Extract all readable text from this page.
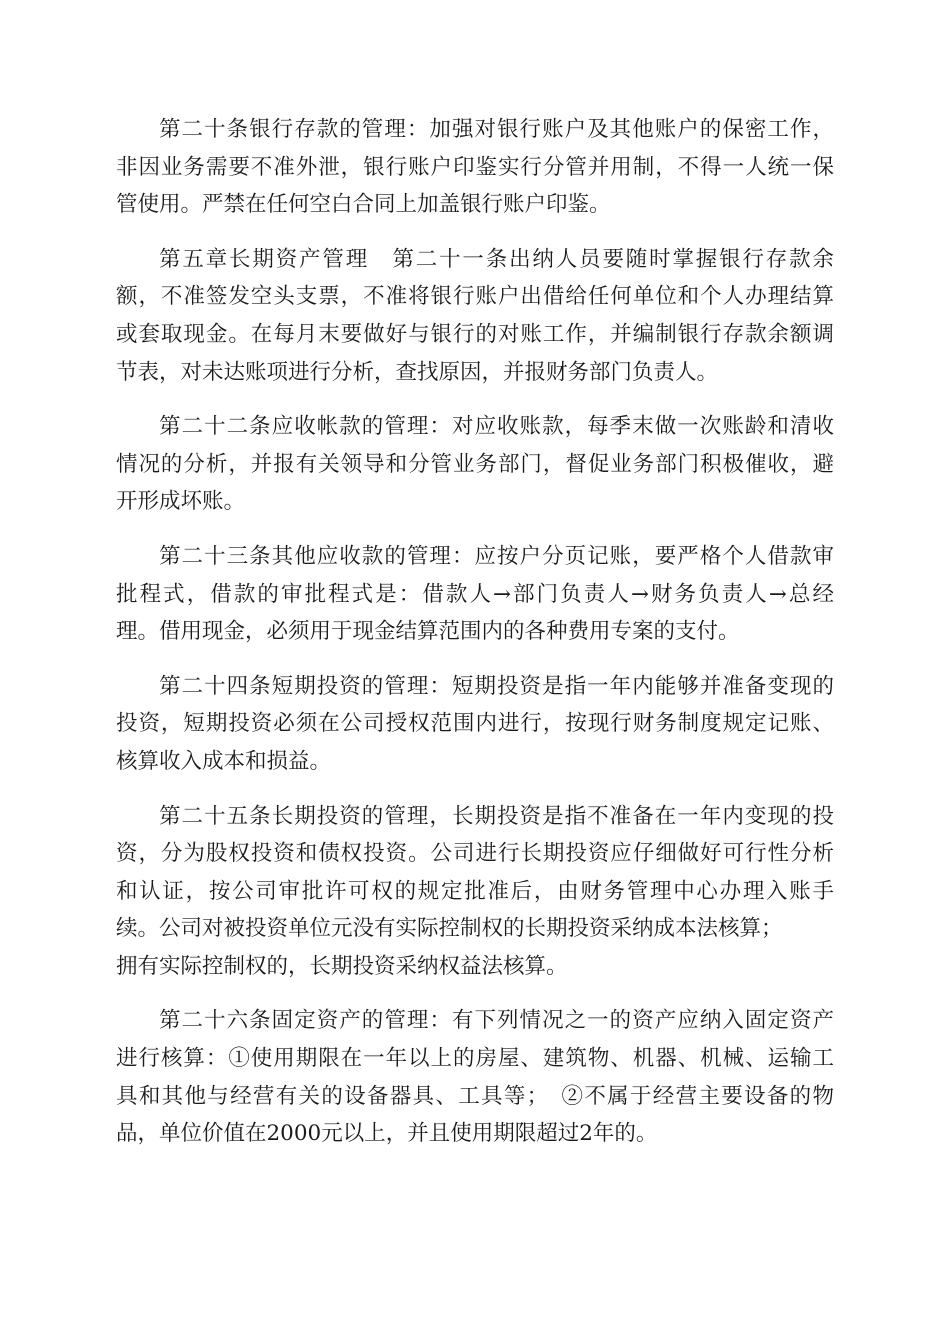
第二十条银行存款的管理：加强对银行账户及其他账户的保密工作，
非因业务需要不准外泄，银行账户印鉴实行分管并用制，不得一人统一保
管使用。严禁在任何空白合同上加盖银行账户印鉴。
第五章长期资产管理　第二十一条出纳人员要随时掌握银行存款余
额，不准签发空头支票，不准将银行账户出借给任何单位和个人办理结算
或套取现金。在每月末要做好与银行的对账工作，并编制银行存款余额调
节表，对未达账项进行分析，查找原因，并报财务部门负责人。
第二十二条应收帐款的管理：对应收账款，每季末做一次账龄和清收
情况的分析，并报有关领导和分管业务部门，督促业务部门积极催收，避
开形成坏账。
第二十三条其他应收款的管理：应按户分页记账，要严格个人借款审
批程式，借款的审批程式是：借款人→部门负责人→财务负责人→总经
理。借用现金，必须用于现金结算范围内的各种费用专案的支付。
第二十四条短期投资的管理：短期投资是指一年内能够并准备变现的
投资，短期投资必须在公司授权范围内进行，按现行财务制度规定记账、
核算收入成本和损益。
第二十五条长期投资的管理，长期投资是指不准备在一年内变现的投
资，分为股权投资和债权投资。公司进行长期投资应仔细做好可行性分析
和认证，按公司审批许可权的规定批准后，由财务管理中心办理入账手
续。公司对被投资单位元没有实际控制权的长期投资采纳成本法核算；
拥有实际控制权的，长期投资采纳权益法核算。
第二十六条固定资产的管理：有下列情况之一的资产应纳入固定资产
进行核算：①使用期限在一年以上的房屋、建筑物、机器、机械、运输工
具和其他与经营有关的设备器具、工具等；　②不属于经营主要设备的物
品，单位价值在2000元以上，并且使用期限超过2年的。
